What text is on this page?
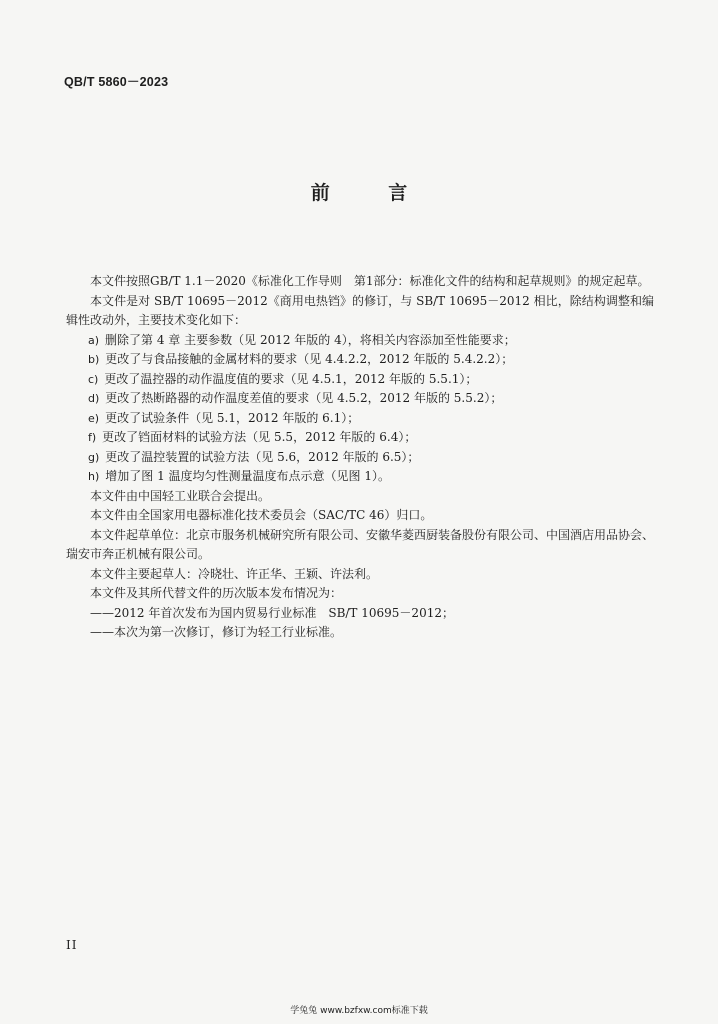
QB/T 5860－2023
前 言

本文件按照GB/T 1.1－2020《标准化工作导则　第1部分：标准化文件的结构和起草规则》的规定起草。

本文件是对 SB/T 10695－2012《商用电热铛》的修订，与 SB/T 10695－2012 相比，除结构调整和编辑性改动外，主要技术变化如下：

a) 删除了第 4 章 主要参数（见 2012 年版的 4），将相关内容添加至性能要求；

b) 更改了与食品接触的金属材料的要求（见 4.4.2.2，2012 年版的 5.4.2.2）；

c) 更改了温控器的动作温度值的要求（见 4.5.1，2012 年版的 5.5.1）；

d) 更改了热断路器的动作温度差值的要求（见 4.5.2，2012 年版的 5.5.2）；

e) 更改了试验条件（见 5.1，2012 年版的 6.1）；

f) 更改了铛面材料的试验方法（见 5.5，2012 年版的 6.4）；

g) 更改了温控装置的试验方法（见 5.6，2012 年版的 6.5）；

h) 增加了图 1 温度均匀性测量温度布点示意（见图 1）。

本文件由中国轻工业联合会提出。

本文件由全国家用电器标准化技术委员会（SAC/TC 46）归口。

本文件起草单位：北京市服务机械研究所有限公司、安徽华菱西厨装备股份有限公司、中国酒店用品协会、瑞安市奔正机械有限公司。

本文件主要起草人：冷晓壮、许正华、王颖、许法利。

本文件及其所代替文件的历次版本发布情况为：

——2012 年首次发布为国内贸易行业标准　SB/T 10695－2012；

——本次为第一次修订，修订为轻工行业标准。

II
学兔兔 www.bzfxw.com标准下载
